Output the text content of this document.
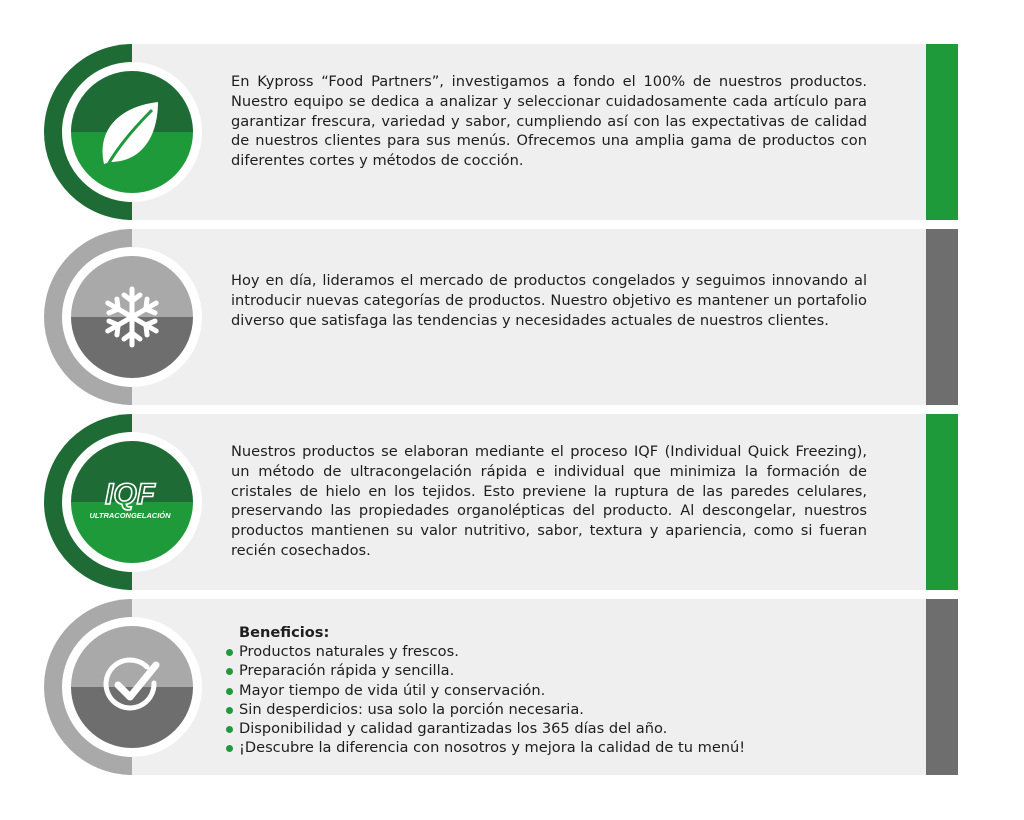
En Kypross “Food Partners”, investigamos a fondo el 100% de nuestros productos. Nuestro equipo se dedica a analizar y seleccionar cuidadosamente cada artículo para garantizar frescura, variedad y sabor, cumpliendo así con las expectativas de calidad de nuestros clientes para sus menús. Ofrecemos una amplia gama de productos con diferentes cortes y métodos de cocción.
Hoy en día, lideramos el mercado de productos congelados y seguimos innovando al introducir nuevas categorías de productos. Nuestro objetivo es mantener un portafolio diverso que satisfaga las tendencias y necesidades actuales de nuestros clientes.
IQF
ULTRACONGELACIÓN
Nuestros productos se elaboran mediante el proceso IQF (Individual Quick Freezing), un método de ultracongelación rápida e individual que minimiza la formación de cristales de hielo en los tejidos. Esto previene la ruptura de las paredes celulares, preservando las propiedades organolépticas del producto. Al descongelar, nuestros productos mantienen su valor nutritivo, sabor, textura y apariencia, como si fueran recién cosechados.
Beneficios:
Productos naturales y frescos.
Preparación rápida y sencilla.
Mayor tiempo de vida útil y conservación.
Sin desperdicios: usa solo la porción necesaria.
Disponibilidad y calidad garantizadas los 365 días del año.
¡Descubre la diferencia con nosotros y mejora la calidad de tu menú!
